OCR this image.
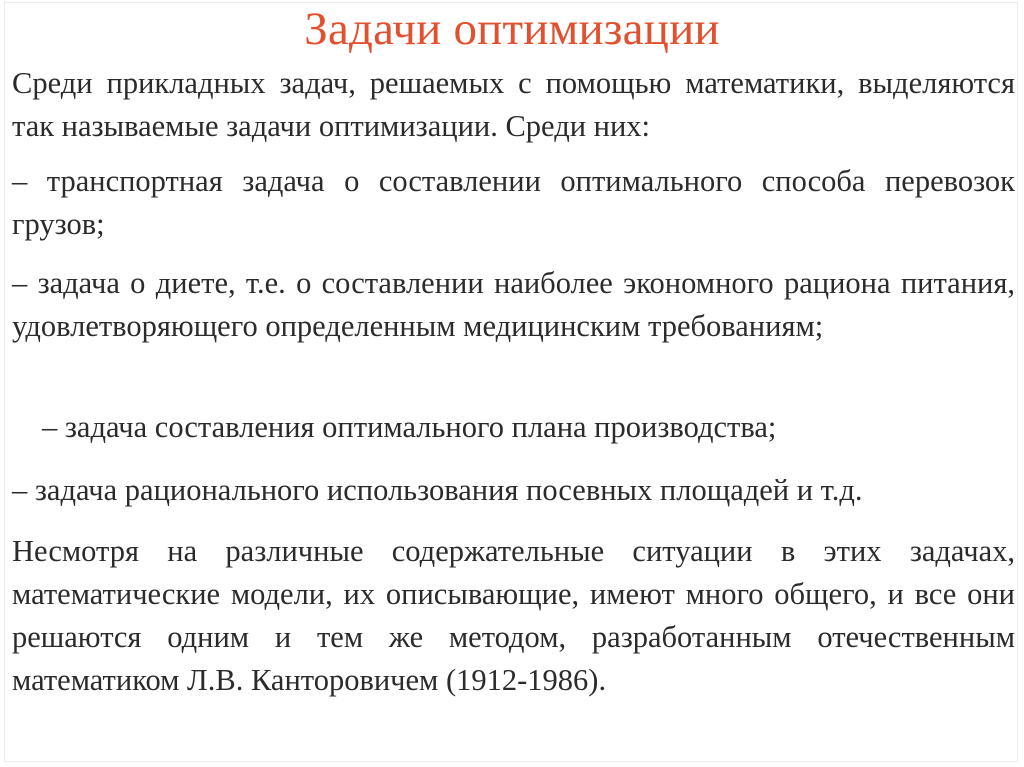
Задачи оптимизации

Среди прикладных задач, решаемых с помощью математики, выделяются так называемые задачи оптимизации. Среди них:

– транспортная задача о составлении оптимального способа перевозок грузов;

– задача о диете, т.е. о составлении наиболее экономного рациона питания, удовлетворяющего определенным медицинским требованиям;

– задача составления оптимального плана производства;

– задача рационального использования посевных площадей и т.д.

Несмотря на различные содержательные ситуации в этих задачах, математические модели, их описывающие, имеют много общего, и все они решаются одним и тем же методом, разработанным отечественным математиком Л.В. Канторовичем (1912-1986).
